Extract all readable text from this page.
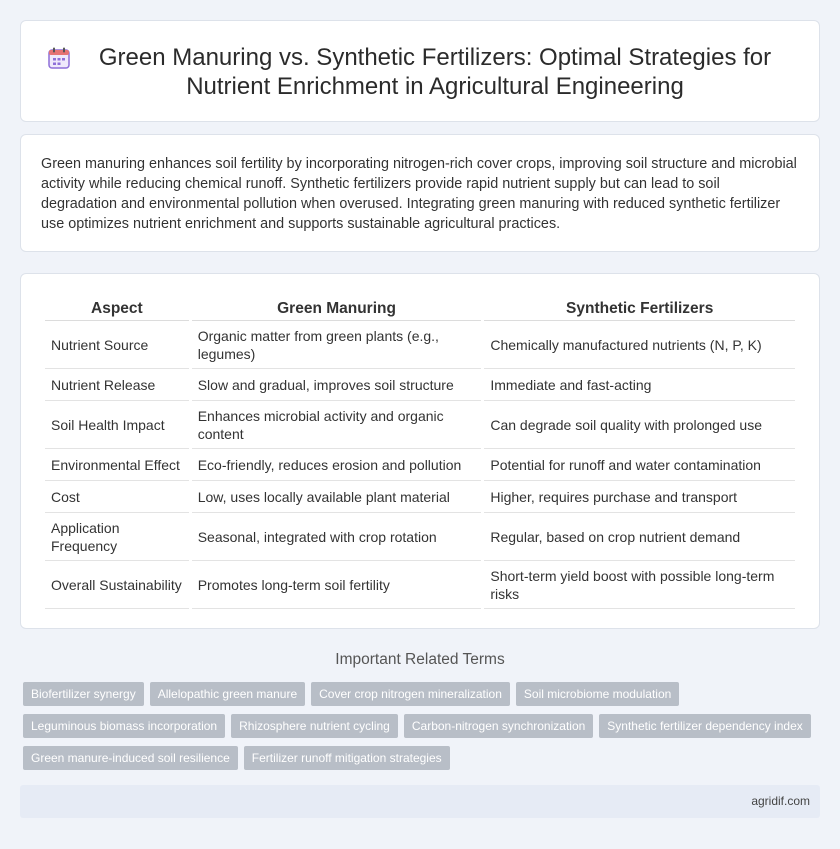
Green Manuring vs. Synthetic Fertilizers: Optimal Strategies for Nutrient Enrichment in Agricultural Engineering

Green manuring enhances soil fertility by incorporating nitrogen-rich cover crops, improving soil structure and microbial activity while reducing chemical runoff. Synthetic fertilizers provide rapid nutrient supply but can lead to soil degradation and environmental pollution when overused. Integrating green manuring with reduced synthetic fertilizer use optimizes nutrient enrichment and supports sustainable agricultural practices.

Aspect	Green Manuring	Synthetic Fertilizers
Nutrient Source	Organic matter from green plants (e.g., legumes)	Chemically manufactured nutrients (N, P, K)
Nutrient Release	Slow and gradual, improves soil structure	Immediate and fast-acting
Soil Health Impact	Enhances microbial activity and organic content	Can degrade soil quality with prolonged use
Environmental Effect	Eco-friendly, reduces erosion and pollution	Potential for runoff and water contamination
Cost	Low, uses locally available plant material	Higher, requires purchase and transport
Application Frequency	Seasonal, integrated with crop rotation	Regular, based on crop nutrient demand
Overall Sustainability	Promotes long-term soil fertility	Short-term yield boost with possible long-term risks
Important Related Terms
Biofertilizer synergy	Allelopathic green manure	Cover crop nitrogen mineralization	Soil microbiome modulation
Leguminous biomass incorporation	Rhizosphere nutrient cycling	Carbon-nitrogen synchronization	Synthetic fertilizer dependency index
Green manure-induced soil resilience	Fertilizer runoff mitigation strategies
agridif.com
